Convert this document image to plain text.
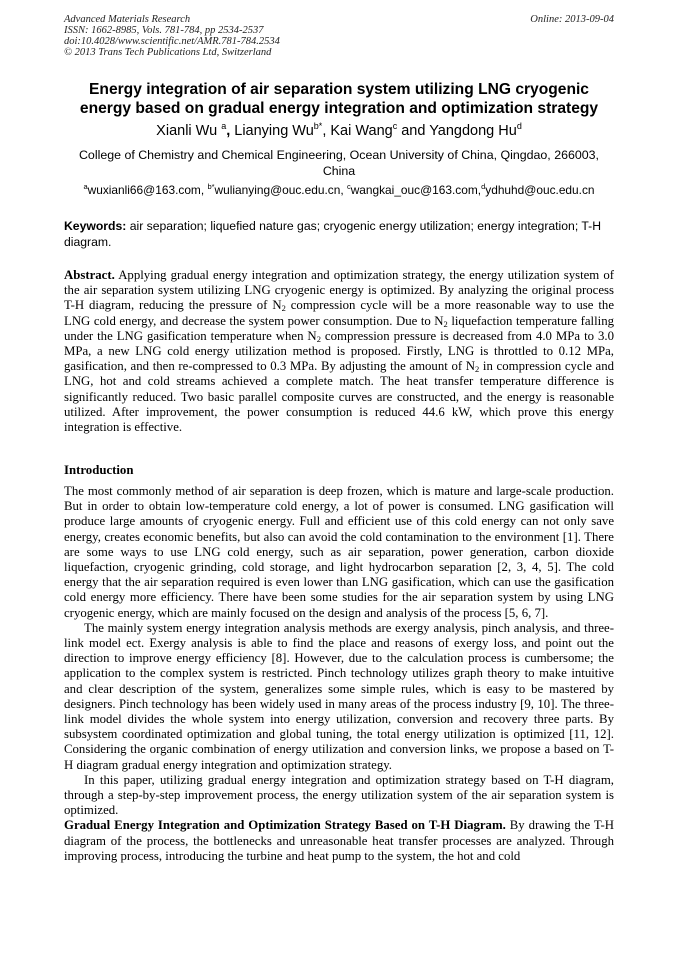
Advanced Materials Research
ISSN: 1662-8985, Vols. 781-784, pp 2534-2537
doi:10.4028/www.scientific.net/AMR.781-784.2534
© 2013 Trans Tech Publications Ltd, Switzerland
Online: 2013-09-04
Energy integration of air separation system utilizing LNG cryogenic energy based on gradual energy integration and optimization strategy
Xianli Wu $^a$, Lianying $Wu^{b*}$, Kai Wang$^c$ and Yangdong Hu$^d$
College of Chemistry and Chemical Engineering, Ocean University of China, Qingdao, 266003, China
$^a$wuxianli66@163.com, $^{b*}$wulianying@ouc.edu.cn, $^c$wangkai_ouc@163.com,$^d$ydhuhd@ouc.edu.cn
Keywords: air separation; liquefied nature gas; cryogenic energy utilization; energy integration; T-H diagram.
Abstract. Applying gradual energy integration and optimization strategy, the energy utilization system of the air separation system utilizing LNG cryogenic energy is optimized. By analyzing the original process T-H diagram, reducing the pressure of $N_2$ compression cycle will be a more reasonable way to use the LNG cold energy, and decrease the system power consumption. Due to $N_2$ liquefaction temperature falling under the LNG gasification temperature when $N_2$ compression pressure is decreased from 4.0 MPa to 3.0 MPa, a new LNG cold energy utilization method is proposed. Firstly, LNG is throttled to 0.12 MPa, gasification, and then re-compressed to 0.3 MPa. By adjusting the amount of $N_2$ in compression cycle and LNG, hot and cold streams achieved a complete match. The heat transfer temperature difference is significantly reduced. Two basic parallel composite curves are constructed, and the energy is reasonable utilized. After improvement, the power consumption is reduced 44.6 kW, which prove this energy integration is effective.
Introduction

The most commonly method of air separation is deep frozen, which is mature and large-scale production. But in order to obtain low-temperature cold energy, a lot of power is consumed. LNG gasification will produce large amounts of cryogenic energy. Full and efficient use of this cold energy can not only save energy, creates economic benefits, but also can avoid the cold contamination to the environment [1]. There are some ways to use LNG cold energy, such as air separation, power generation, carbon dioxide liquefaction, cryogenic grinding, cold storage, and light hydrocarbon separation [2, 3, 4, 5]. The cold energy that the air separation required is even lower than LNG gasification, which can use the gasification cold energy more efficiency. There have been some studies for the air separation system by using LNG cryogenic energy, which are mainly focused on the design and analysis of the process [5, 6, 7].

The mainly system energy integration analysis methods are exergy analysis, pinch analysis, and three-link model ect. Exergy analysis is able to find the place and reasons of exergy loss, and point out the direction to improve energy efficiency [8]. However, due to the calculation process is cumbersome; the application to the complex system is restricted. Pinch technology utilizes graph theory to make intuitive and clear description of the system, generalizes some simple rules, which is easy to be mastered by designers. Pinch technology has been widely used in many areas of the process industry [9, 10]. The three-link model divides the whole system into energy utilization, conversion and recovery three parts. By subsystem coordinated optimization and global tuning, the total energy utilization is optimized [11, 12]. Considering the organic combination of energy utilization and conversion links, we propose a based on T-H diagram gradual energy integration and optimization strategy.

In this paper, utilizing gradual energy integration and optimization strategy based on T-H diagram, through a step-by-step improvement process, the energy utilization system of the air separation system is optimized.

Gradual Energy Integration and Optimization Strategy Based on T-H Diagram. By drawing the T-H diagram of the process, the bottlenecks and unreasonable heat transfer processes are analyzed. Through improving process, introducing the turbine and heat pump to the system, the hot and cold
